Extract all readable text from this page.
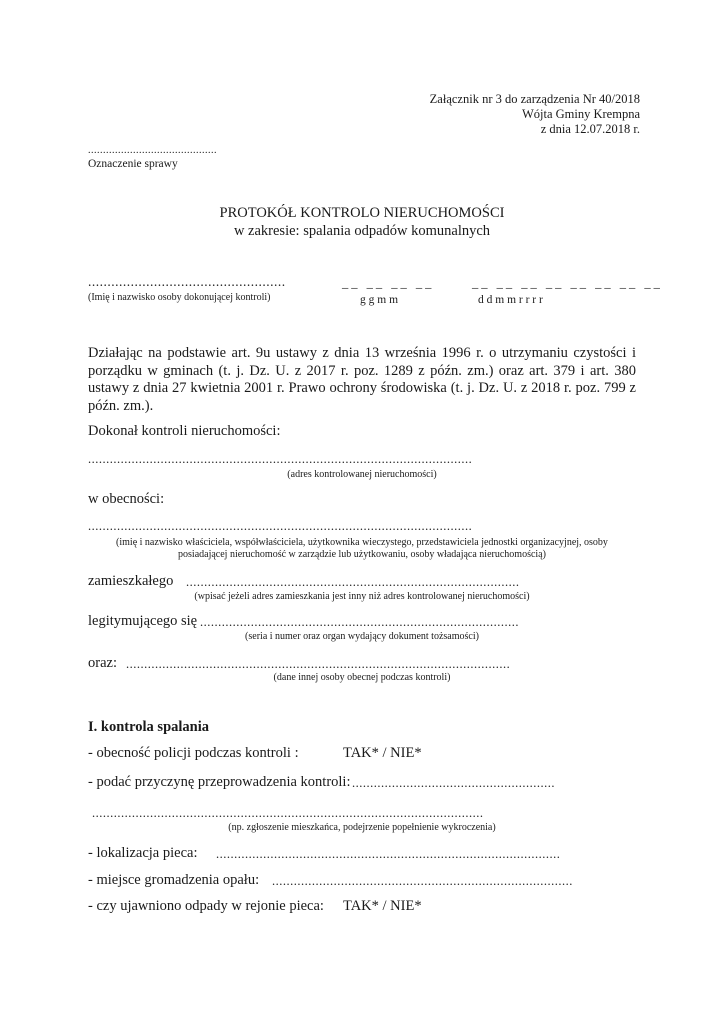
Załącznik nr 3 do zarządzenia Nr 40/2018
Wójta Gminy Krempna
z dnia 12.07.2018 r.
...........................................
Oznaczenie sprawy
PROTOKÓŁ KONTROLO NIERUCHOMOŚCI
w zakresie: spalania odpadów komunalnych
...................................................
(Imię i nazwisko osoby dokonującej kontroli)
__ __ __ __
g g m m
__ __ __ __ __ __ __ __
d d m m r r r r
Działając na podstawie art. 9u ustawy z dnia 13 września 1996 r. o utrzymaniu czystości i porządku w gminach (t. j. Dz. U. z 2017 r. poz. 1289 z późn. zm.) oraz art. 379 i art. 380 ustawy z dnia 27 kwietnia 2001 r. Prawo ochrony środowiska (t. j. Dz. U. z 2018 r. poz. 799 z późn. zm.).
Dokonał kontroli nieruchomości:
..........................................................................................................
(adres kontrolowanej nieruchomości)
w obecności:
..........................................................................................................
(imię i nazwisko właściciela, współwłaściciela, użytkownika wieczystego, przedstawiciela jednostki organizacyjnej, osoby
posiadającej nieruchomość w zarządzie lub użytkowaniu, osoby władająca nieruchomością)
zamieszkałego ............................................................................................
(wpisać jeżeli adres zamieszkania jest inny niż adres kontrolowanej nieruchomości)
legitymującego się ........................................................................................
(seria i numer oraz organ wydający dokument tożsamości)
oraz: ..........................................................................................................
(dane innej osoby obecnej podczas kontroli)
I. kontrola spalania
- obecność policji podczas kontroli :	TAK* / NIE*
- podać przyczynę przeprowadzenia kontroli: ........................................................
............................................................................................................
(np. zgłoszenie mieszkańca, podejrzenie popełnienie wykroczenia)
- lokalizacja pieca: ...............................................................................................
- miejsce gromadzenia opału: ...................................................................................
- czy ujawniono odpady w rejonie pieca: TAK* / NIE*
